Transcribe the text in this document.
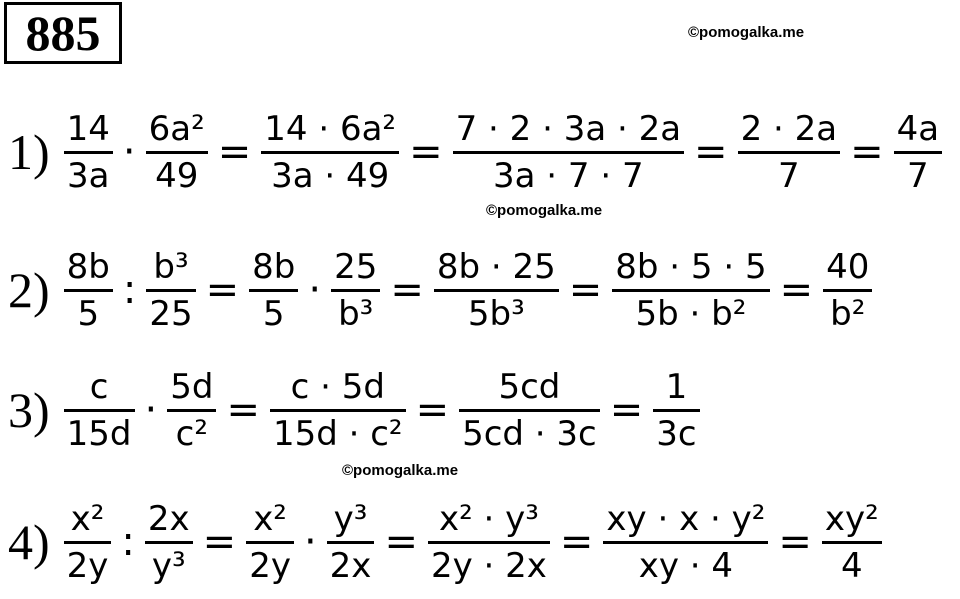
885	©pomogalka.me
©pomogalka.me
©pomogalka.me
$1) \frac{14}{3a} \cdot \frac{\text{6a²}}{49} = \frac{\text{14 · 6a²}}{3a \cdot 49} = \frac{7 \cdot 2 \cdot 3a \cdot 2a}{3a \cdot 7 \cdot 7} = \frac{2 \cdot 2a}{7} = \frac{4a}{7}$
$2) \frac{8b}{5}$ : $\frac{\text{b³}}{25} = \frac{8b}{5} \cdot \frac{25}{\text{b³}} = \frac{8b \cdot 25}{\text{5b³}} = \frac{8b \cdot 5 \cdot 5}{\text{5b · b²}} = \frac{40}{\text{b²}}$
$3) \frac{c}{15d} \cdot \frac{5d}{\text{c²}} = \frac{c \cdot 5d}{\text{15d · c²}} = \frac{5cd}{5cd \cdot 3c} = \frac{1}{3c}$
$4) \frac{\text{x²}}{2y}$ : $\frac{2x}{\text{y³}} = \frac{\text{x²}}{2y} \cdot \frac{\text{y³}}{2x} = \frac{\text{x² · y³}}{2y \cdot 2x} = \frac{\text{xy · x · y²}}{xy \cdot 4} = \frac{\text{xy²}}{4}$
